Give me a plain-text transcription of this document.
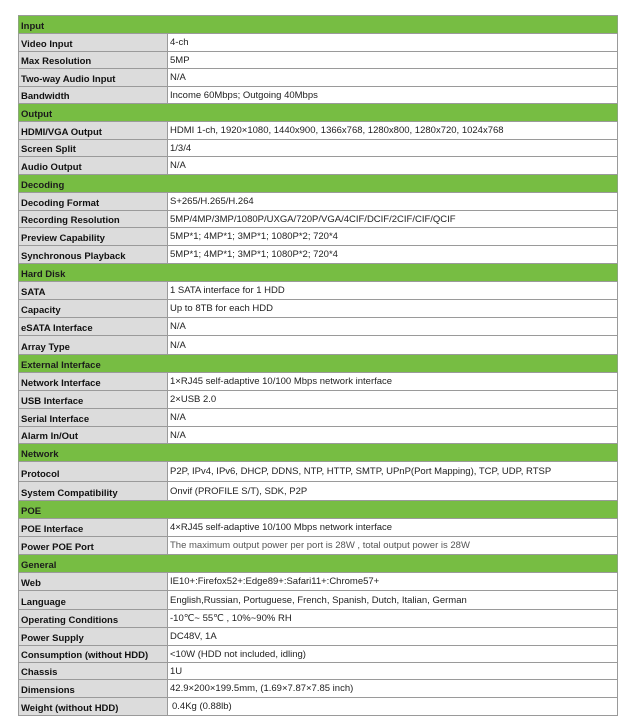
Input
Video Input	4-ch
Max Resolution	5MP
Two-way Audio Input	N/A
Bandwidth	Income 60Mbps; Outgoing 40Mbps
Output
HDMI/VGA Output	HDMI 1-ch, 1920×1080, 1440x900, 1366x768, 1280x800, 1280x720, 1024x768
Screen Split	1/3/4
Audio Output	N/A
Decoding
Decoding Format	S+265/H.265/H.264
Recording Resolution	5MP/4MP/3MP/1080P/UXGA/720P/VGA/4CIF/DCIF/2CIF/CIF/QCIF
Preview Capability	5MP*1; 4MP*1; 3MP*1; 1080P*2; 720*4
Synchronous Playback	5MP*1; 4MP*1; 3MP*1; 1080P*2; 720*4
Hard Disk
SATA	1 SATA interface for 1 HDD
Capacity	Up to 8TB for each HDD
eSATA Interface	N/A
Array Type	N/A
External Interface
Network Interface	1×RJ45 self-adaptive 10/100 Mbps network interface
USB Interface	2×USB 2.0
Serial Interface	N/A
Alarm In/Out	N/A
Network
Protocol	P2P, IPv4, IPv6, DHCP, DDNS, NTP, HTTP, SMTP, UPnP(Port Mapping), TCP, UDP, RTSP
System Compatibility	Onvif (PROFILE S/T), SDK, P2P
POE
POE Interface	4×RJ45 self-adaptive 10/100 Mbps network interface
Power POE Port	The maximum output power per port is 28W , total output power is 28W
General
Web	IE10+:Firefox52+:Edge89+:Safari11+:Chrome57+
Language	English,Russian, Portuguese, French, Spanish, Dutch, Italian, German
Operating Conditions	-10℃~ 55℃ , 10%~90% RH
Power Supply	DC48V, 1A
Consumption (without HDD)	<10W (HDD not included, idling)
Chassis	1U
Dimensions	42.9×200×199.5mm, (1.69×7.87×7.85 inch)
Weight (without HDD)	0.4Kg (0.88lb)
